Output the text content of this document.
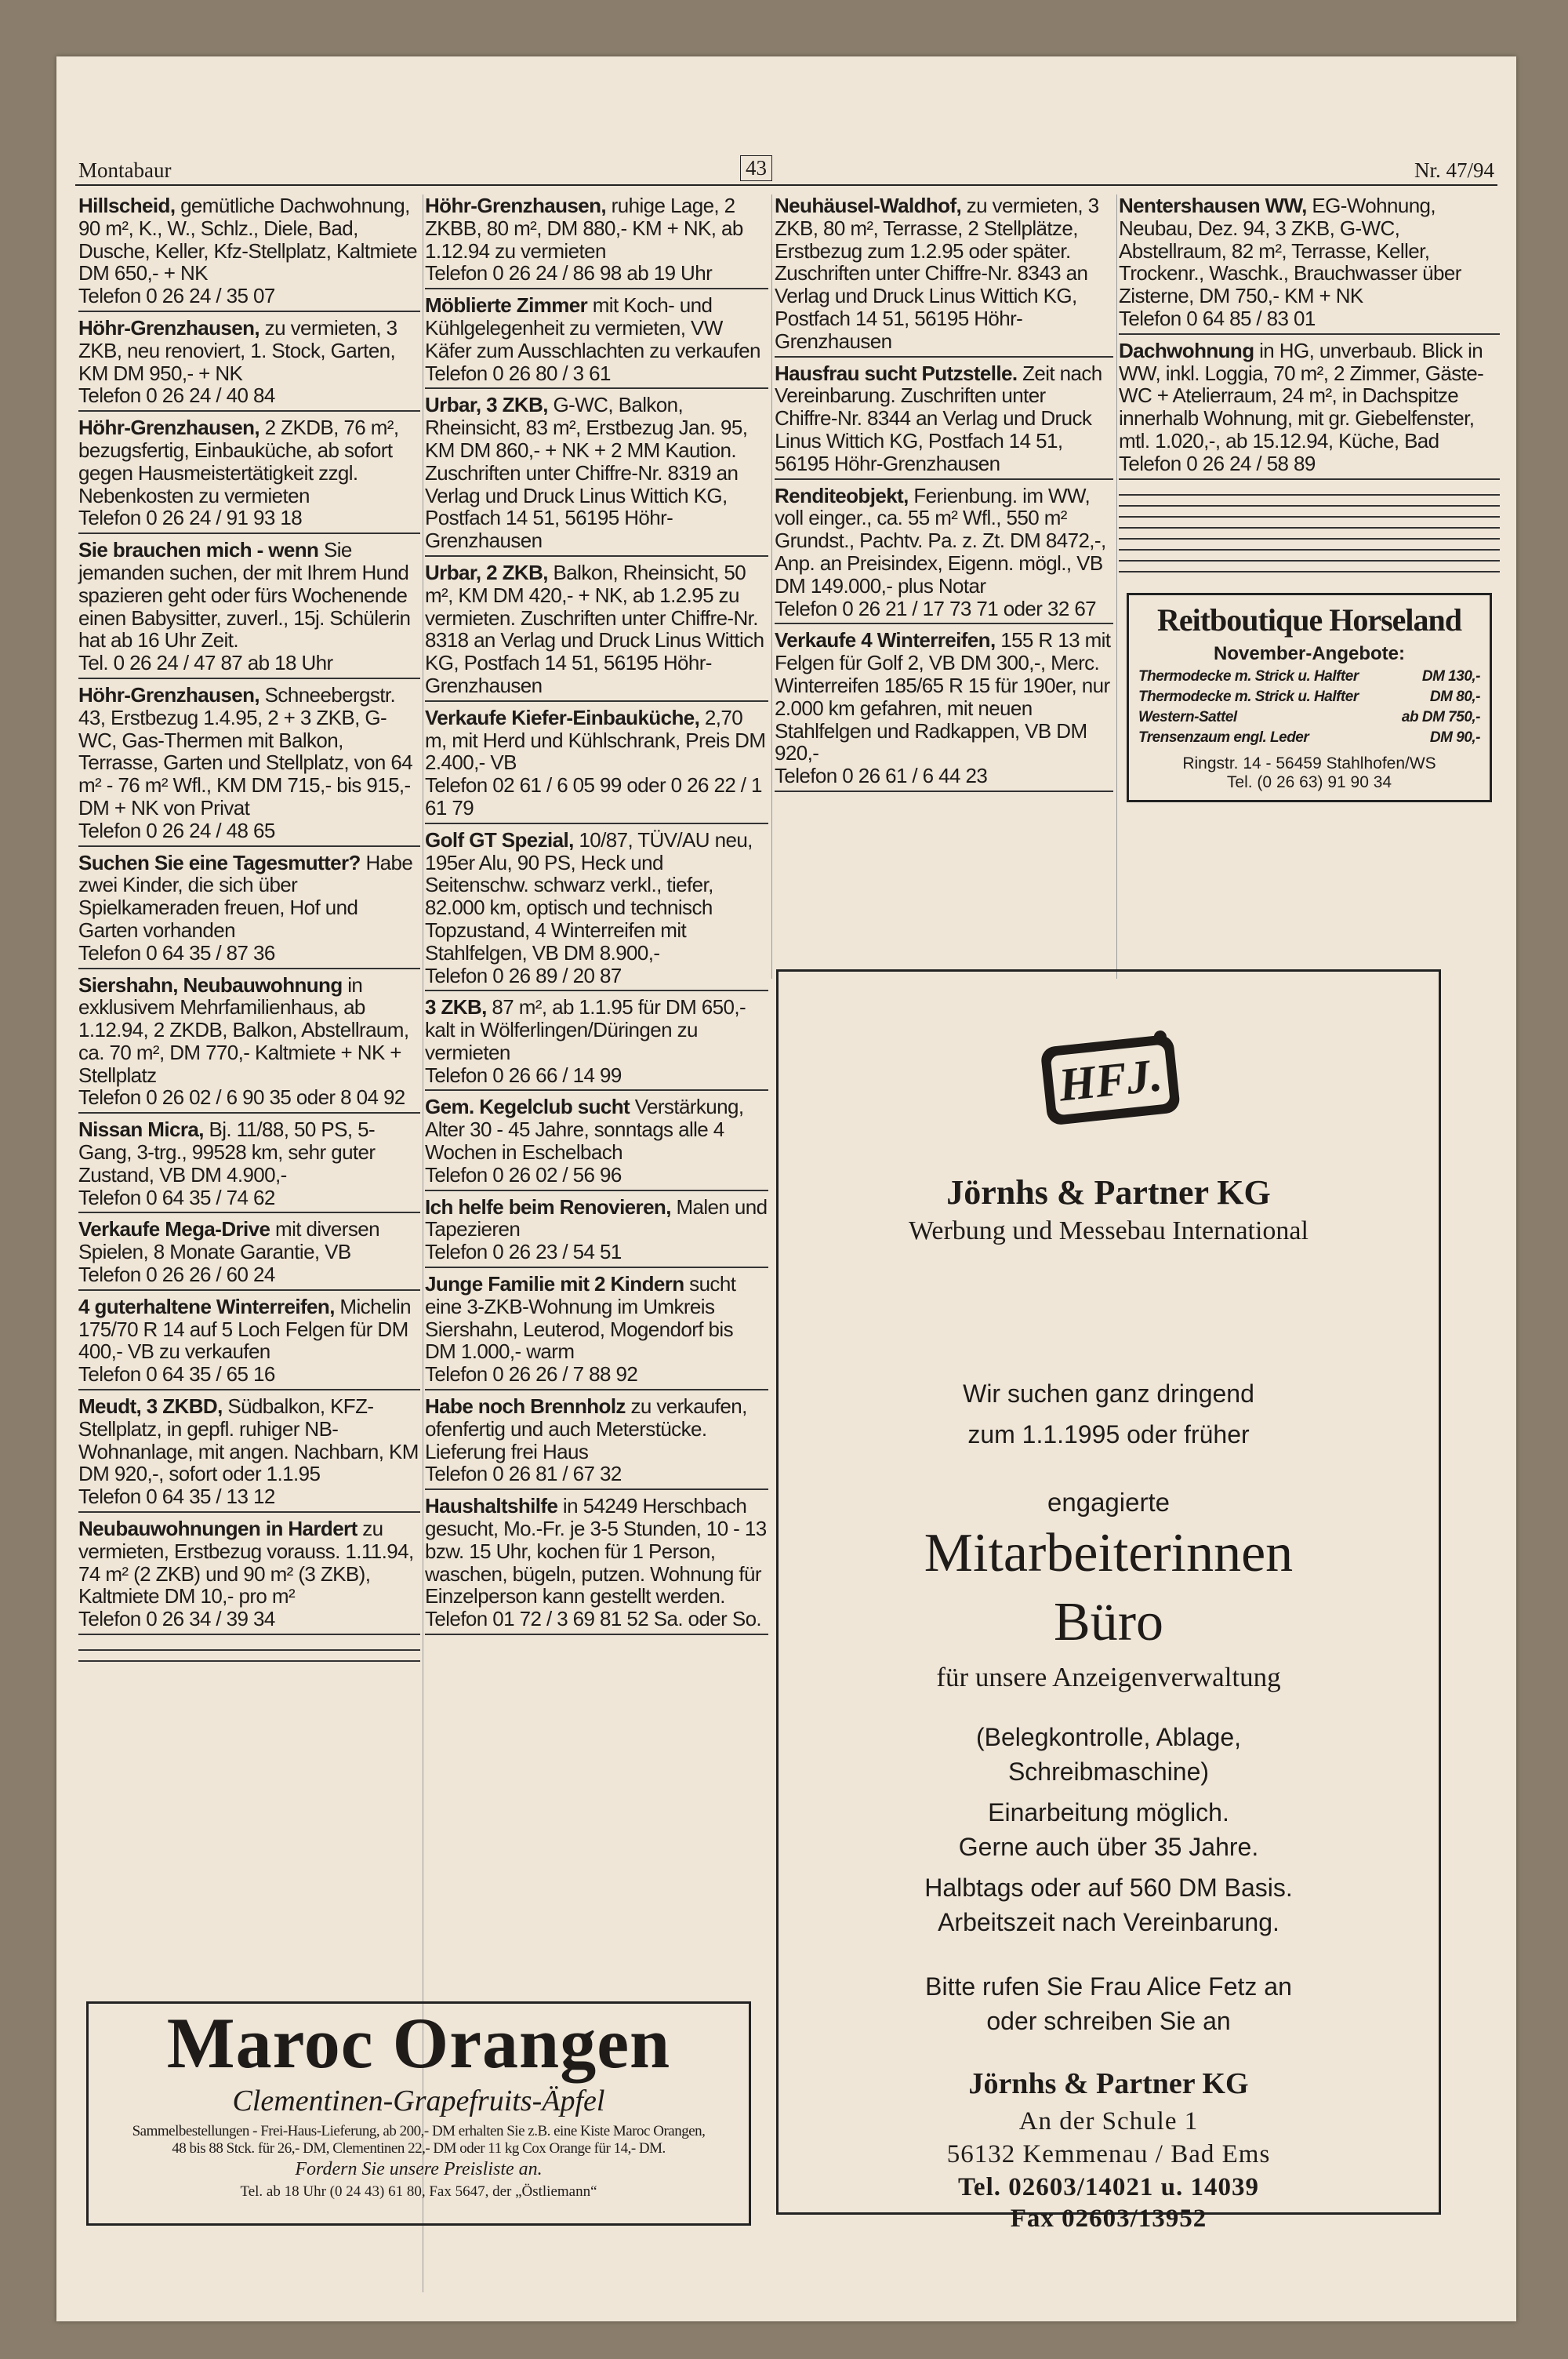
Montabaur	43	Nr. 47/94
Hillscheid, gemütliche Dachwohnung, 90 m², K., W., Schlz., Diele, Bad, Dusche, Keller, Kfz-Stellplatz, Kaltmiete DM 650,- + NK
Telefon 0 26 24 / 35 07
Höhr-Grenzhausen, zu vermieten, 3 ZKB, neu renoviert, 1. Stock, Garten, KM DM 950,- + NK
Telefon 0 26 24 / 40 84
Höhr-Grenzhausen, 2 ZKDB, 76 m², bezugsfertig, Einbauküche, ab sofort gegen Hausmeistertätigkeit zzgl. Nebenkosten zu vermieten
Telefon 0 26 24 / 91 93 18
Sie brauchen mich - wenn Sie jemanden suchen, der mit Ihrem Hund spazieren geht oder fürs Wochenende einen Babysitter, zuverl., 15j. Schülerin hat ab 16 Uhr Zeit.
Tel. 0 26 24 / 47 87 ab 18 Uhr
Höhr-Grenzhausen, Schneebergstr. 43, Erstbezug 1.4.95, 2 + 3 ZKB, G-WC, Gas-Thermen mit Balkon, Terrasse, Garten und Stellplatz, von 64 m² - 76 m² Wfl., KM DM 715,- bis 915,- DM + NK von Privat
Telefon 0 26 24 / 48 65
Suchen Sie eine Tagesmutter? Habe zwei Kinder, die sich über Spielkameraden freuen, Hof und Garten vorhanden
Telefon 0 64 35 / 87 36
Siershahn, Neubauwohnung in exklusivem Mehrfamilienhaus, ab 1.12.94, 2 ZKDB, Balkon, Abstellraum, ca. 70 m², DM 770,- Kaltmiete + NK + Stellplatz
Telefon 0 26 02 / 6 90 35 oder 8 04 92
Nissan Micra, Bj. 11/88, 50 PS, 5-Gang, 3-trg., 99528 km, sehr guter Zustand, VB DM 4.900,-
Telefon 0 64 35 / 74 62
Verkaufe Mega-Drive mit diversen Spielen, 8 Monate Garantie, VB
Telefon 0 26 26 / 60 24
4 guterhaltene Winterreifen, Michelin 175/70 R 14 auf 5 Loch Felgen für DM 400,- VB zu verkaufen
Telefon 0 64 35 / 65 16
Meudt, 3 ZKBD, Südbalkon, KFZ-Stellplatz, in gepfl. ruhiger NB-Wohnanlage, mit angen. Nachbarn, KM DM 920,-, sofort oder 1.1.95
Telefon 0 64 35 / 13 12
Neubauwohnungen in Hardert zu vermieten, Erstbezug vorauss. 1.11.94, 74 m² (2 ZKB) und 90 m² (3 ZKB), Kaltmiete DM 10,- pro m²
Telefon 0 26 34 / 39 34
Höhr-Grenzhausen, ruhige Lage, 2 ZKBB, 80 m², DM 880,- KM + NK, ab 1.12.94 zu vermieten
Telefon 0 26 24 / 86 98 ab 19 Uhr
Möblierte Zimmer mit Koch- und Kühlgelegenheit zu vermieten, VW Käfer zum Ausschlachten zu verkaufen
Telefon 0 26 80 / 3 61
Urbar, 3 ZKB, G-WC, Balkon, Rheinsicht, 83 m², Erstbezug Jan. 95, KM DM 860,- + NK + 2 MM Kaution. Zuschriften unter Chiffre-Nr. 8319 an Verlag und Druck Linus Wittich KG, Postfach 14 51, 56195 Höhr-Grenzhausen
Urbar, 2 ZKB, Balkon, Rheinsicht, 50 m², KM DM 420,- + NK, ab 1.2.95 zu vermieten. Zuschriften unter Chiffre-Nr. 8318 an Verlag und Druck Linus Wittich KG, Postfach 14 51, 56195 Höhr-Grenzhausen
Verkaufe Kiefer-Einbauküche, 2,70 m, mit Herd und Kühlschrank, Preis DM 2.400,- VB
Telefon 02 61 / 6 05 99 oder 0 26 22 / 1 61 79
Golf GT Spezial, 10/87, TÜV/AU neu, 195er Alu, 90 PS, Heck und Seitenschw. schwarz verkl., tiefer, 82.000 km, optisch und technisch Topzustand, 4 Winterreifen mit Stahlfelgen, VB DM 8.900,-
Telefon 0 26 89 / 20 87
3 ZKB, 87 m², ab 1.1.95 für DM 650,- kalt in Wölferlingen/Düringen zu vermieten
Telefon 0 26 66 / 14 99
Gem. Kegelclub sucht Verstärkung, Alter 30 - 45 Jahre, sonntags alle 4 Wochen in Eschelbach
Telefon 0 26 02 / 56 96
Ich helfe beim Renovieren, Malen und Tapezieren
Telefon 0 26 23 / 54 51
Junge Familie mit 2 Kindern sucht eine 3-ZKB-Wohnung im Umkreis Siershahn, Leuterod, Mogendorf bis DM 1.000,- warm
Telefon 0 26 26 / 7 88 92
Habe noch Brennholz zu verkaufen, ofenfertig und auch Meterstücke. Lieferung frei Haus
Telefon 0 26 81 / 67 32
Haushaltshilfe in 54249 Herschbach gesucht, Mo.-Fr. je 3-5 Stunden, 10 - 13 bzw. 15 Uhr, kochen für 1 Person, waschen, bügeln, putzen. Wohnung für Einzelperson kann gestellt werden.
Telefon 01 72 / 3 69 81 52 Sa. oder So.
Neuhäusel-Waldhof, zu vermieten, 3 ZKB, 80 m², Terrasse, 2 Stellplätze, Erstbezug zum 1.2.95 oder später. Zuschriften unter Chiffre-Nr. 8343 an Verlag und Druck Linus Wittich KG, Postfach 14 51, 56195 Höhr-Grenzhausen
Hausfrau sucht Putzstelle. Zeit nach Vereinbarung. Zuschriften unter Chiffre-Nr. 8344 an Verlag und Druck Linus Wittich KG, Postfach 14 51, 56195 Höhr-Grenzhausen
Renditeobjekt, Ferienbung. im WW, voll einger., ca. 55 m² Wfl., 550 m² Grundst., Pachtv. Pa. z. Zt. DM 8472,-, Anp. an Preisindex, Eigenn. mögl., VB DM 149.000,- plus Notar
Telefon 0 26 21 / 17 73 71 oder 32 67
Verkaufe 4 Winterreifen, 155 R 13 mit Felgen für Golf 2, VB DM 300,-, Merc. Winterreifen 185/65 R 15 für 190er, nur 2.000 km gefahren, mit neuen Stahlfelgen und Radkappen, VB DM 920,-
Telefon 0 26 61 / 6 44 23
Nentershausen WW, EG-Wohnung, Neubau, Dez. 94, 3 ZKB, G-WC, Abstellraum, 82 m², Terrasse, Keller, Trockenr., Waschk., Brauchwasser über Zisterne, DM 750,- KM + NK
Telefon 0 64 85 / 83 01
Dachwohnung in HG, unverbaub. Blick in WW, inkl. Loggia, 70 m², 2 Zimmer, Gäste-WC + Atelierraum, 24 m², in Dachspitze innerhalb Wohnung, mit gr. Giebelfenster, mtl. 1.020,-, ab 15.12.94, Küche, Bad
Telefon 0 26 24 / 58 89
Reitboutique Horseland
November-Angebote:
Thermodecke m. Strick u. Halfter	DM 130,-
Thermodecke m. Strick u. Halfter	DM 80,-
Western-Sattel	ab DM 750,-
Trensenzaum engl. Leder	DM 90,-
Ringstr. 14 - 56459 Stahlhofen/WS
Tel. (0 26 63) 91 90 34
HFJ.
Jörnhs & Partner KG
Werbung und Messebau International
Wir suchen ganz dringend
zum 1.1.1995 oder früher
engagierte
Mitarbeiterinnen
Büro
für unsere Anzeigenverwaltung
(Belegkontrolle, Ablage,
Schreibmaschine)
Einarbeitung möglich.
Gerne auch über 35 Jahre.
Halbtags oder auf 560 DM Basis.
Arbeitszeit nach Vereinbarung.
Bitte rufen Sie Frau Alice Fetz an
oder schreiben Sie an
Jörnhs & Partner KG
An der Schule 1
56132 Kemmenau / Bad Ems
Tel. 02603/14021 u. 14039
Fax 02603/13952
Maroc Orangen
Clementinen-Grapefruits-Äpfel
Sammelbestellungen - Frei-Haus-Lieferung, ab 200,- DM erhalten Sie z.B. eine Kiste Maroc Orangen,
48 bis 88 Stck. für 26,- DM, Clementinen 22,- DM oder 11 kg Cox Orange für 14,- DM.
Fordern Sie unsere Preisliste an.
Tel. ab 18 Uhr (0 24 43) 61 80, Fax 5647, der „Östliemann“
